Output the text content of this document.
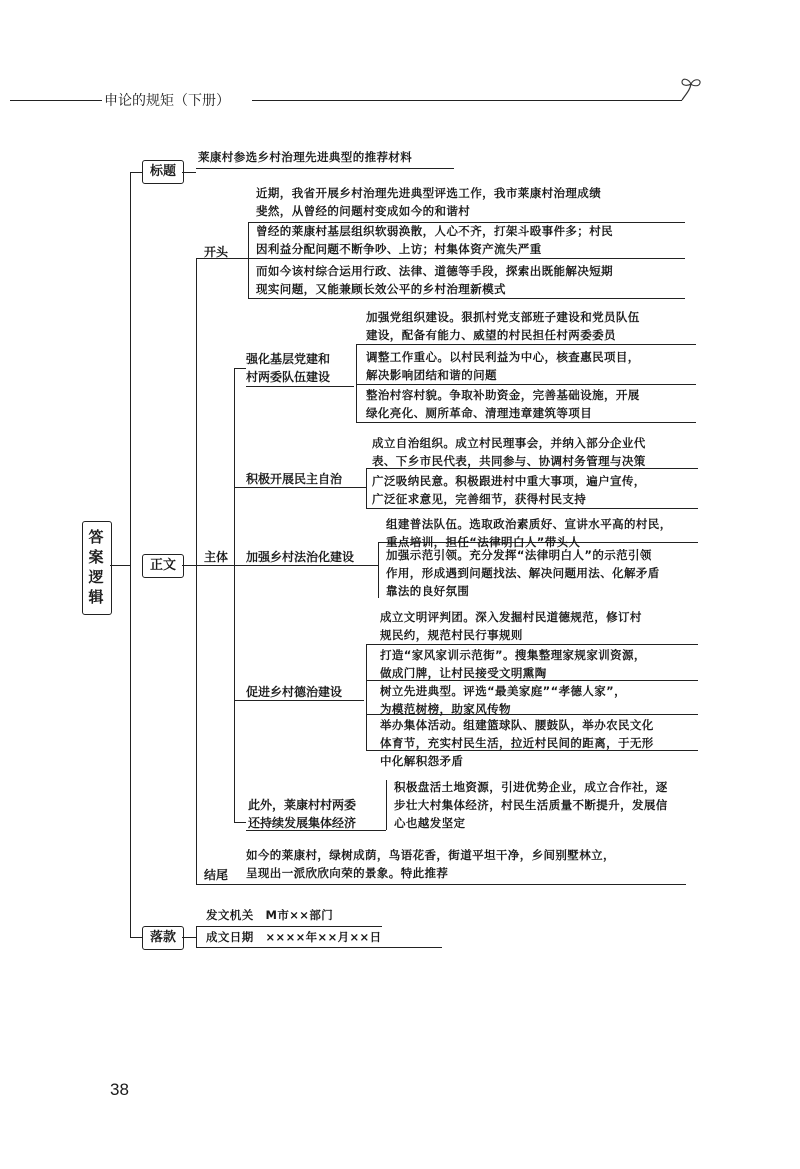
申论的规矩（下册）
答案逻辑
标题
莱康村参选乡村治理先进典型的推荐材料
正文
开头
近期，我省开展乡村治理先进典型评选工作，我市莱康村治理成绩
斐然，从曾经的问题村变成如今的和谐村
曾经的莱康村基层组织软弱涣散，人心不齐，打架斗殴事件多；村民
因利益分配问题不断争吵、上访；村集体资产流失严重
而如今该村综合运用行政、法律、道德等手段，探索出既能解决短期
现实问题，又能兼顾长效公平的乡村治理新模式
主体
强化基层党建和
村两委队伍建设
加强党组织建设。狠抓村党支部班子建设和党员队伍
建设，配备有能力、威望的村民担任村两委委员
调整工作重心。以村民利益为中心，核查惠民项目，
解决影响团结和谐的问题
整治村容村貌。争取补助资金，完善基础设施，开展
绿化亮化、厕所革命、清理违章建筑等项目
积极开展民主自治
成立自治组织。成立村民理事会，并纳入部分企业代
表、下乡市民代表，共同参与、协调村务管理与决策
广泛吸纳民意。积极跟进村中重大事项，遍户宣传，
广泛征求意见，完善细节，获得村民支持
加强乡村法治化建设
组建普法队伍。选取政治素质好、宣讲水平高的村民，
重点培训，担任“法律明白人”带头人
加强示范引领。充分发挥“法律明白人”的示范引领
作用，形成遇到问题找法、解决问题用法、化解矛盾
靠法的良好氛围
促进乡村德治建设
成立文明评判团。深入发掘村民道德规范，修订村
规民约，规范村民行事规则
打造“家风家训示范街”。搜集整理家规家训资源，
做成门牌，让村民接受文明熏陶
树立先进典型。评选“最美家庭”“孝德人家”，
为模范树榜，助家风传物
举办集体活动。组建篮球队、腰鼓队，举办农民文化
体育节，充实村民生活，拉近村民间的距离，于无形
中化解积怨矛盾
此外，莱康村村两委
还持续发展集体经济
积极盘活土地资源，引进优势企业，成立合作社，逐
步壮大村集体经济，村民生活质量不断提升，发展信
心也越发坚定
结尾
如今的莱康村，绿树成荫，鸟语花香，街道平坦干净，乡间别墅林立，
呈现出一派欣欣向荣的景象。特此推荐
落款
发文机关　M市××部门
成文日期　××××年××月××日
38
